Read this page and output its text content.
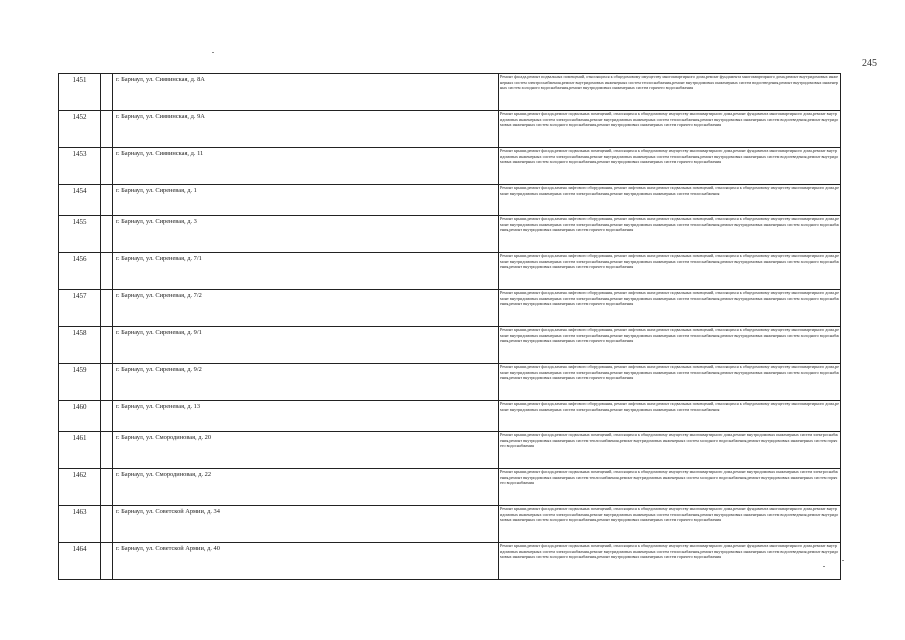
245
1451		г. Барнаул, ул. Сиявинская, д. 8А	Ремонт фасада,ремонт подвальных помещений, относящихся к общедомовому имуществу многоквартирного дома,ремонт фундамента многоквартирного дома,ремонт внутридомовых инженерных систем электроснабжения,ремонт внутридомовых инженерных систем теплоснабжения,ремонт внутридомовых инженерных систем водоотведения,ремонт внутридомовых инженерных систем холодного водоснабжения,ремонт внутридомовых инженерных систем горячего водоснабжения

1452		г. Барнаул, ул. Сиявинская, д. 9А	Ремонт крыши,ремонт фасада,ремонт подвальных помещений, относящихся к общедомовому имуществу многоквартирного дома,ремонт фундамента многоквартирного дома,ремонт внутридомовых инженерных систем электроснабжения,ремонт внутридомовых инженерных систем теплоснабжения,ремонт внутридомовых инженерных систем водоотведения,ремонт внутридомовых инженерных систем холодного водоснабжения,ремонт внутридомовых инженерных систем горячего водоснабжения

1453		г. Барнаул, ул. Сиявинская, д. 11	Ремонт крыши,ремонт фасада,ремонт подвальных помещений, относящихся к общедомовому имуществу многоквартирного дома,ремонт фундамента многоквартирного дома,ремонт внутридомовых инженерных систем электроснабжения,ремонт внутридомовых инженерных систем теплоснабжения,ремонт внутридомовых инженерных систем водоотведения,ремонт внутридомовых инженерных систем холодного водоснабжения,ремонт внутридомовых инженерных систем горячего водоснабжения

1454		г. Барнаул, ул. Сиреневая, д. 1	Ремонт крыши,ремонт фасада,замена лифтового оборудования, ремонт лифтовых шахт,ремонт подвальных помещений, относящихся к общедомовому имуществу многоквартирного дома,ремонт внутридомовых инженерных систем электроснабжения,ремонт внутридомовых инженерных систем теплоснабжения

1455		г. Барнаул, ул. Сиреневая, д. 3	Ремонт крыши,ремонт фасада,замена лифтового оборудования, ремонт лифтовых шахт,ремонт подвальных помещений, относящихся к общедомовому имуществу многоквартирного дома,ремонт внутридомовых инженерных систем электроснабжения,ремонт внутридомовых инженерных систем теплоснабжения,ремонт внутридомовых инженерных систем холодного водоснабжения,ремонт внутридомовых инженерных систем горячего водоснабжения

1456		г. Барнаул, ул. Сиреневая, д. 7/1	Ремонт крыши,ремонт фасада,замена лифтового оборудования, ремонт лифтовых шахт,ремонт подвальных помещений, относящихся к общедомовому имуществу многоквартирного дома,ремонт внутридомовых инженерных систем электроснабжения,ремонт внутридомовых инженерных систем теплоснабжения,ремонт внутридомовых инженерных систем холодного водоснабжения,ремонт внутридомовых инженерных систем горячего водоснабжения

1457		г. Барнаул, ул. Сиреневая, д. 7/2	Ремонт крыши,ремонт фасада,замена лифтового оборудования, ремонт лифтовых шахт,ремонт подвальных помещений, относящихся к общедомовому имуществу многоквартирного дома,ремонт внутридомовых инженерных систем электроснабжения,ремонт внутридомовых инженерных систем теплоснабжения,ремонт внутридомовых инженерных систем холодного водоснабжения,ремонт внутридомовых инженерных систем горячего водоснабжения

1458		г. Барнаул, ул. Сиреневая, д. 9/1	Ремонт крыши,ремонт фасада,замена лифтового оборудования, ремонт лифтовых шахт,ремонт подвальных помещений, относящихся к общедомовому имуществу многоквартирного дома,ремонт внутридомовых инженерных систем электроснабжения,ремонт внутридомовых инженерных систем теплоснабжения,ремонт внутридомовых инженерных систем холодного водоснабжения,ремонт внутридомовых инженерных систем горячего водоснабжения

1459		г. Барнаул, ул. Сиреневая, д. 9/2	Ремонт крыши,ремонт фасада,замена лифтового оборудования, ремонт лифтовых шахт,ремонт подвальных помещений, относящихся к общедомовому имуществу многоквартирного дома,ремонт внутридомовых инженерных систем электроснабжения,ремонт внутридомовых инженерных систем теплоснабжения,ремонт внутридомовых инженерных систем холодного водоснабжения,ремонт внутридомовых инженерных систем горячего водоснабжения

1460		г. Барнаул, ул. Сиреневая, д. 13	Ремонт крыши,ремонт фасада,замена лифтового оборудования, ремонт лифтовых шахт,ремонт подвальных помещений, относящихся к общедомовому имуществу многоквартирного дома,ремонт внутридомовых инженерных систем электроснабжения,ремонт внутридомовых инженерных систем теплоснабжения

1461		г. Барнаул, ул. Смородиновая, д. 20	Ремонт крыши,ремонт фасада,ремонт подвальных помещений, относящихся к общедомовому имуществу многоквартирного дома,ремонт внутридомовых инженерных систем электроснабжения,ремонт внутридомовых инженерных систем теплоснабжения,ремонт внутридомовых инженерных систем холодного водоснабжения,ремонт внутридомовых инженерных систем горячего водоснабжения

1462		г. Барнаул, ул. Смородиновая, д. 22	Ремонт крыши,ремонт фасада,ремонт подвальных помещений, относящихся к общедомовому имуществу многоквартирного дома,ремонт внутридомовых инженерных систем электроснабжения,ремонт внутридомовых инженерных систем теплоснабжения,ремонт внутридомовых инженерных систем холодного водоснабжения,ремонт внутридомовых инженерных систем горячего водоснабжения

1463		г. Барнаул, ул. Советской Армии, д. 34	Ремонт крыши,ремонт фасада,ремонт подвальных помещений, относящихся к общедомовому имуществу многоквартирного дома,ремонт фундамента многоквартирного дома,ремонт внутридомовых инженерных систем электроснабжения,ремонт внутридомовых инженерных систем теплоснабжения,ремонт внутридомовых инженерных систем водоотведения,ремонт внутридомовых инженерных систем холодного водоснабжения,ремонт внутридомовых инженерных систем горячего водоснабжения

1464		г. Барнаул, ул. Советской Армии, д. 40	Ремонт крыши,ремонт фасада,ремонт подвальных помещений, относящихся к общедомовому имуществу многоквартирного дома,ремонт фундамента многоквартирного дома,ремонт внутридомовых инженерных систем электроснабжения,ремонт внутридомовых инженерных систем теплоснабжения,ремонт внутридомовых инженерных систем водоотведения,ремонт внутридомовых инженерных систем холодного водоснабжения,ремонт внутридомовых инженерных систем горячего водоснабжения
